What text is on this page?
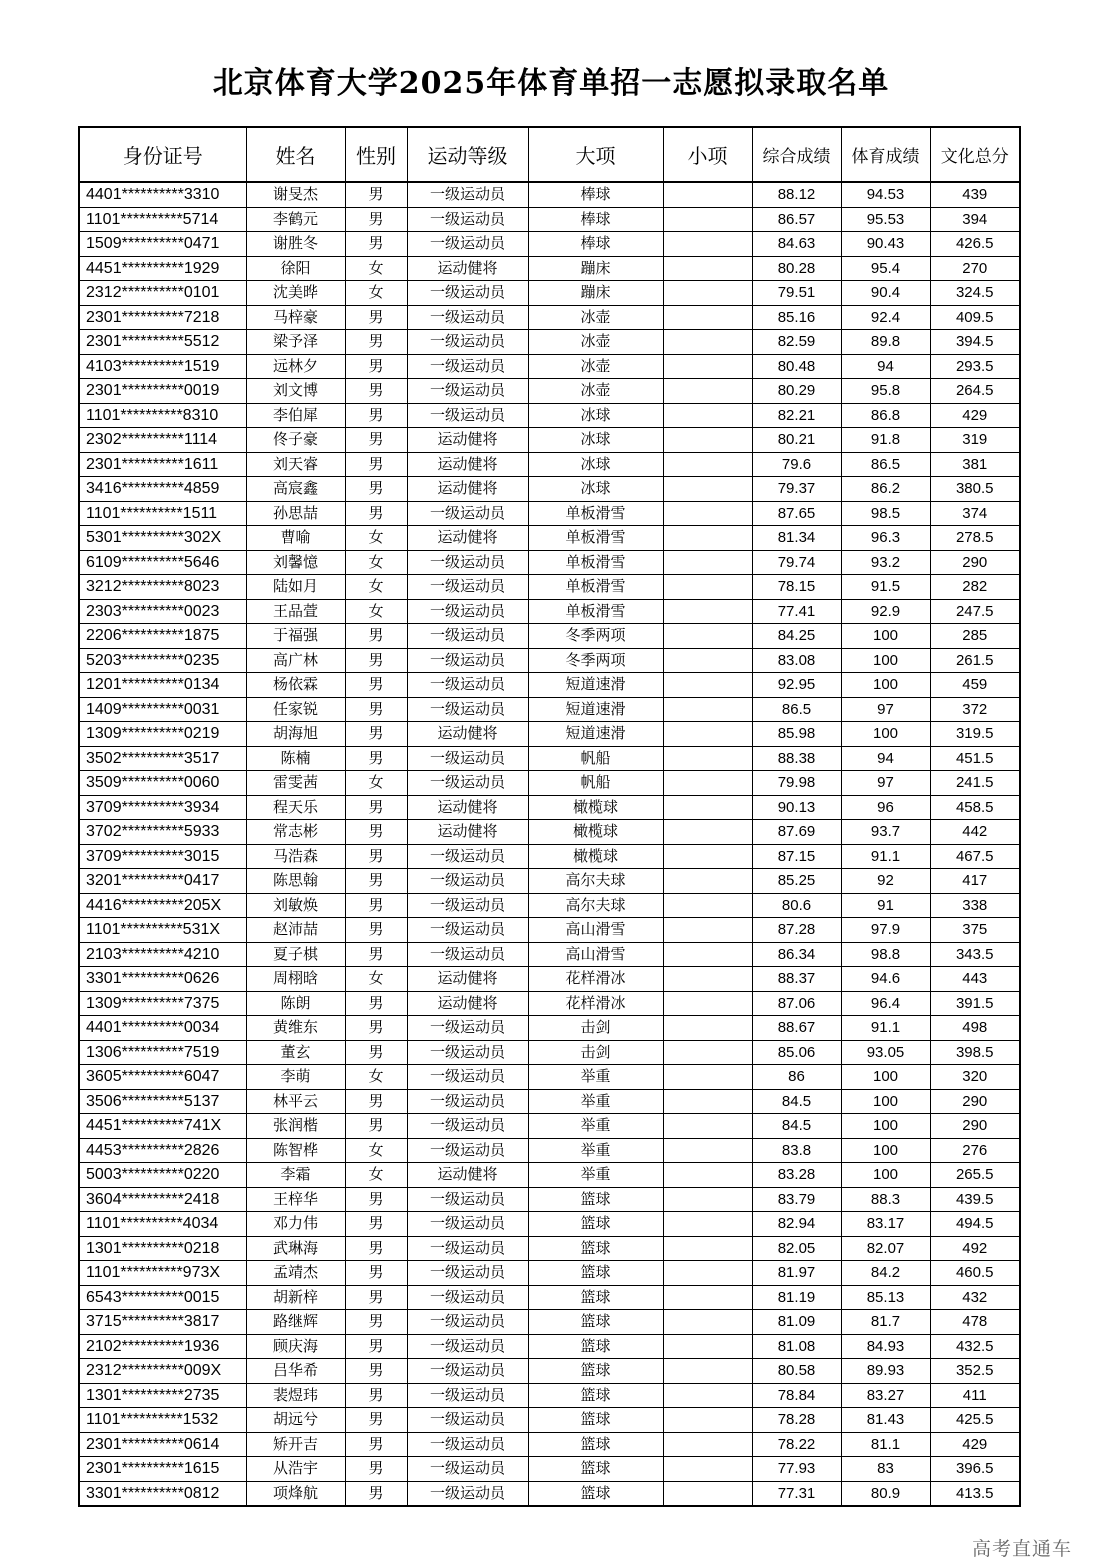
北京体育大学2025年体育单招一志愿拟录取名单
身份证号	姓名	性别	运动等级	大项	小项	综合成绩	体育成绩	文化总分
4401**********3310	谢旻杰	男	一级运动员	棒球		88.12	94.53	439
1101**********5714	李鹤元	男	一级运动员	棒球		86.57	95.53	394
1509**********0471	谢胜冬	男	一级运动员	棒球		84.63	90.43	426.5
4451**********1929	徐阳	女	运动健将	蹦床		80.28	95.4	270
2312**********0101	沈美晔	女	一级运动员	蹦床		79.51	90.4	324.5
2301**********7218	马梓豪	男	一级运动员	冰壶		85.16	92.4	409.5
2301**********5512	梁予泽	男	一级运动员	冰壶		82.59	89.8	394.5
4103**********1519	远林夕	男	一级运动员	冰壶		80.48	94	293.5
2301**********0019	刘文博	男	一级运动员	冰壶		80.29	95.8	264.5
1101**********8310	李伯犀	男	一级运动员	冰球		82.21	86.8	429
2302**********1114	佟子豪	男	运动健将	冰球		80.21	91.8	319
2301**********1611	刘天睿	男	运动健将	冰球		79.6	86.5	381
3416**********4859	高宸鑫	男	运动健将	冰球		79.37	86.2	380.5
1101**********1511	孙思喆	男	一级运动员	单板滑雪		87.65	98.5	374
5301**********302X	曹喻	女	运动健将	单板滑雪		81.34	96.3	278.5
6109**********5646	刘馨憶	女	一级运动员	单板滑雪		79.74	93.2	290
3212**********8023	陆如月	女	一级运动员	单板滑雪		78.15	91.5	282
2303**********0023	王品萱	女	一级运动员	单板滑雪		77.41	92.9	247.5
2206**********1875	于福强	男	一级运动员	冬季两项		84.25	100	285
5203**********0235	高广林	男	一级运动员	冬季两项		83.08	100	261.5
1201**********0134	杨依霖	男	一级运动员	短道速滑		92.95	100	459
1409**********0031	任家锐	男	一级运动员	短道速滑		86.5	97	372
1309**********0219	胡海旭	男	运动健将	短道速滑		85.98	100	319.5
3502**********3517	陈楠	男	一级运动员	帆船		88.38	94	451.5
3509**********0060	雷雯茜	女	一级运动员	帆船		79.98	97	241.5
3709**********3934	程天乐	男	运动健将	橄榄球		90.13	96	458.5
3702**********5933	常志彬	男	运动健将	橄榄球		87.69	93.7	442
3709**********3015	马浩森	男	一级运动员	橄榄球		87.15	91.1	467.5
3201**********0417	陈思翰	男	一级运动员	高尔夫球		85.25	92	417
4416**********205X	刘敏焕	男	一级运动员	高尔夫球		80.6	91	338
1101**********531X	赵沛喆	男	一级运动员	高山滑雪		87.28	97.9	375
2103**********4210	夏子棋	男	一级运动员	高山滑雪		86.34	98.8	343.5
3301**********0626	周栩晗	女	运动健将	花样滑冰		88.37	94.6	443
1309**********7375	陈朗	男	运动健将	花样滑冰		87.06	96.4	391.5
4401**********0034	黄维东	男	一级运动员	击剑		88.67	91.1	498
1306**********7519	董玄	男	一级运动员	击剑		85.06	93.05	398.5
3605**********6047	李萌	女	一级运动员	举重		86	100	320
3506**********5137	林平云	男	一级运动员	举重		84.5	100	290
4451**********741X	张润楷	男	一级运动员	举重		84.5	100	290
4453**********2826	陈智桦	女	一级运动员	举重		83.8	100	276
5003**********0220	李霜	女	运动健将	举重		83.28	100	265.5
3604**********2418	王梓华	男	一级运动员	篮球		83.79	88.3	439.5
1101**********4034	邓力伟	男	一级运动员	篮球		82.94	83.17	494.5
1301**********0218	武琳海	男	一级运动员	篮球		82.05	82.07	492
1101**********973X	孟靖杰	男	一级运动员	篮球		81.97	84.2	460.5
6543**********0015	胡新梓	男	一级运动员	篮球		81.19	85.13	432
3715**********3817	路继辉	男	一级运动员	篮球		81.09	81.7	478
2102**********1936	顾庆海	男	一级运动员	篮球		81.08	84.93	432.5
2312**********009X	吕华希	男	一级运动员	篮球		80.58	89.93	352.5
1301**********2735	裴煜玮	男	一级运动员	篮球		78.84	83.27	411
1101**********1532	胡远兮	男	一级运动员	篮球		78.28	81.43	425.5
2301**********0614	矫开吉	男	一级运动员	篮球		78.22	81.1	429
2301**********1615	从浩宇	男	一级运动员	篮球		77.93	83	396.5
3301**********0812	项烽航	男	一级运动员	篮球		77.31	80.9	413.5
高考直通车
